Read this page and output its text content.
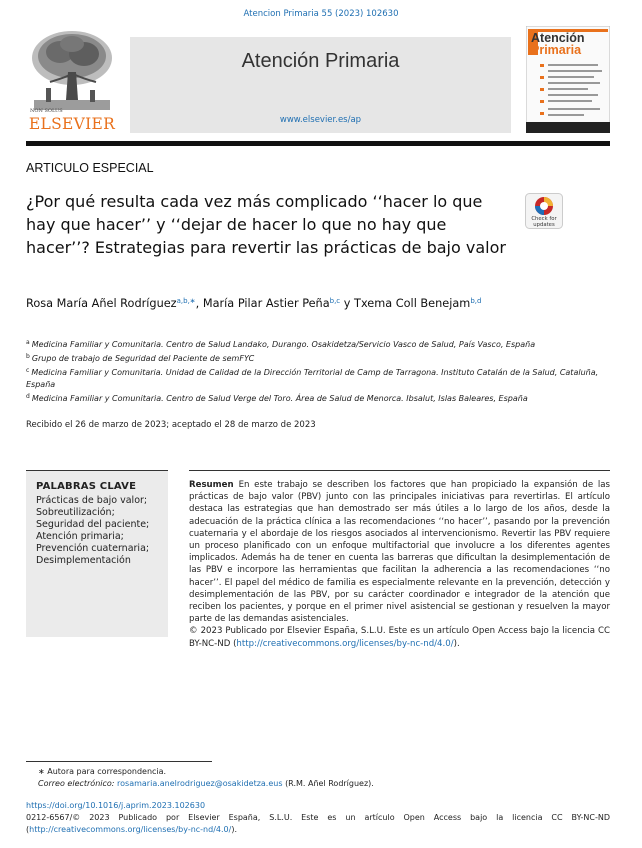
Atencion Primaria 55 (2023) 102630
NON SOLUS
ELSEVIER
Atención Primaria
www.elsevier.es/ap
Atención
Primaria
ARTICULO ESPECIAL
¿Por qué resulta cada vez más complicado ‘‘hacer lo que hay que hacer’’ y ‘‘dejar de hacer lo que no hay que hacer’’? Estrategias para revertir las prácticas de bajo valor
Check for updates
Rosa María Añel Rodríguez$^{a,b,∗}$, María Pilar Astier Peña$^{b,c}$ y Txema Coll Benejam$^{b,d}$
$^a$ Medicina Familiar y Comunitaria. Centro de Salud Landako, Durango. Osakidetza/Servicio Vasco de Salud, País Vasco, España
$^b$ Grupo de trabajo de Seguridad del Paciente de semFYC
$^c$ Medicina Familiar y Comunitaria. Unidad de Calidad de la Dirección Territorial de Camp de Tarragona. Instituto Catalán de la Salud, Cataluña, España
$^d$ Medicina Familiar y Comunitaria. Centro de Salud Verge del Toro. Área de Salud de Menorca. Ibsalut, Islas Baleares, España
Recibido el 26 de marzo de 2023; aceptado el 28 de marzo de 2023
PALABRAS CLAVE
Prácticas de bajo valor;
Sobreutilización;
Seguridad del paciente;
Atención primaria;
Prevención cuaternaria;
Desimplementación
Resumen En este trabajo se describen los factores que han propiciado la expansión de las prácticas de bajo valor (PBV) junto con las principales iniciativas para revertirlas. El artículo destaca las estrategias que han demostrado ser más útiles a lo largo de los años, desde la adecuación de la práctica clínica a las recomendaciones ‘‘no hacer’’, pasando por la prevención cuaternaria y el abordaje de los riesgos asociados al intervencionismo. Revertir las PBV requiere un proceso planificado con un enfoque multifactorial que involucre a los diferentes agentes implicados. Además ha de tener en cuenta las barreras que dificultan la desimplementación de las PBV e incorpore las herramientas que facilitan la adherencia a las recomendaciones ‘‘no hacer’’. El papel del médico de familia es especialmente relevante en la prevención, detección y desimplementación de las PBV, por su carácter coordinador e integrador de la atención que reciben los pacientes, y porque en el primer nivel asistencial se gestionan y resuelven la mayor parte de las demandas asistenciales.
© 2023 Publicado por Elsevier España, S.L.U. Este es un artículo Open Access bajo la licencia CC BY-NC-ND (http://creativecommons.org/licenses/by-nc-nd/4.0/).
∗ Autora para correspondencia.
Correo electrónico: rosamaria.anelrodriguez@osakidetza.eus (R.M. Añel Rodríguez).
https://doi.org/10.1016/j.aprim.2023.102630
0212-6567/© 2023 Publicado por Elsevier España, S.L.U. Este es un artículo Open Access bajo la licencia CC BY-NC-ND (http://creativecommons.org/licenses/by-nc-nd/4.0/).
